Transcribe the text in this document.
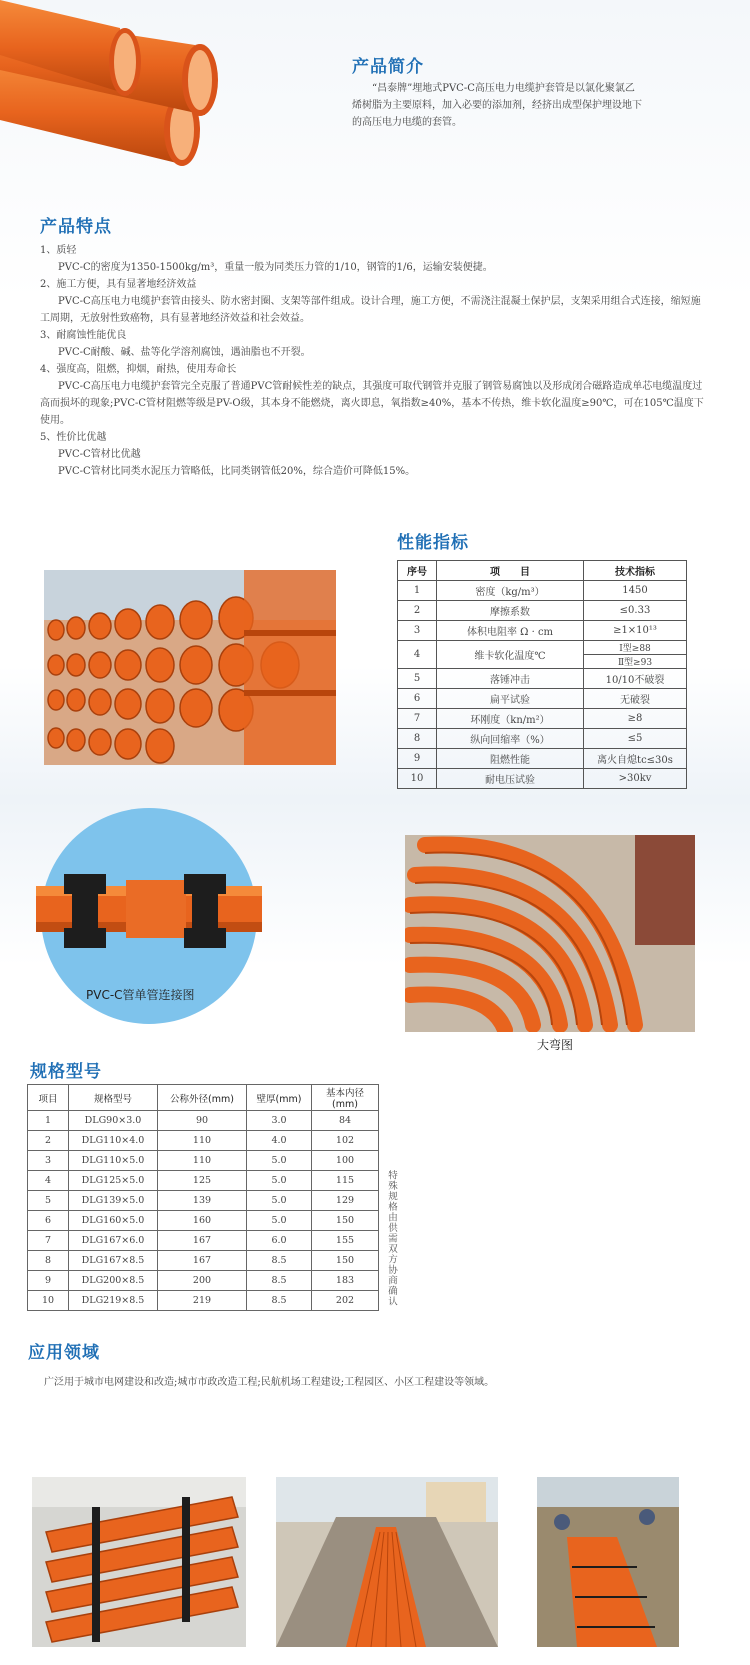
产品简介

“昌泰牌”埋地式PVC-C高压电力电缆护套管是以氯化聚氯乙烯树脂为主要原料，加入必要的添加剂，经挤出成型保护埋设地下的高压电力电缆的套管。

产品特点

1、质轻

PVC-C的密度为1350-1500kg/m³，重量一般为同类压力管的1/10，钢管的1/6，运输安装便捷。

2、施工方便，具有显著地经济效益

PVC-C高压电力电缆护套管由接头、防水密封圈、支架等部件组成。设计合理，施工方便，不需浇注混凝土保护层，支架采用组合式连接，缩短施工周期，无放射性致癌物，具有显著地经济效益和社会效益。

3、耐腐蚀性能优良

PVC-C耐酸、碱、盐等化学溶剂腐蚀，遇油脂也不开裂。

4、强度高，阻燃，抑烟，耐热，使用寿命长

PVC-C高压电力电缆护套管完全克服了普通PVC管耐候性差的缺点，其强度可取代钢管并克服了钢管易腐蚀以及形成闭合磁路造成单芯电缆温度过高而损坏的现象;PVC-C管材阻燃等级是PV-O级，其本身不能燃烧，离火即息，氧指数≥40%，基本不传热，维卡软化温度≥90℃，可在105℃温度下使用。

5、性价比优越

PVC-C管材比优越

PVC-C管材比同类水泥压力管略低，比同类钢管低20%，综合造价可降低15%。

性能指标
序号	项　　目	技术指标
1	密度（kg/m³）	1450
2	摩擦系数	≤0.33
3	体积电阻率 Ω · cm	≥1×10¹³
4	维卡软化温度℃	Ⅰ型≥88
		Ⅱ型≥93
5	落锤冲击	10/10不破裂
6	扁平试验	无破裂
7	环刚度（kn/m²）	≥8
8	纵向回缩率（%）	≤5
9	阻燃性能	离火自熄tc≤30s
10	耐电压试验	>30kv
PVC-C管单管连接图
大弯图
规格型号
项目	规格型号	公称外径(mm)	壁厚(mm)	基本内径(mm)
1	DLG90×3.0	90	3.0	84
2	DLG110×4.0	110	4.0	102
3	DLG110×5.0	110	5.0	100
4	DLG125×5.0	125	5.0	115
5	DLG139×5.0	139	5.0	129
6	DLG160×5.0	160	5.0	150
7	DLG167×6.0	167	6.0	155
8	DLG167×8.5	167	8.5	150
9	DLG200×8.5	200	8.5	183
10	DLG219×8.5	219	8.5	202	特殊规格由供需双方协商确认
应用领域

广泛用于城市电网建设和改造;城市市政改造工程;民航机场工程建设;工程园区、小区工程建设等领域。
